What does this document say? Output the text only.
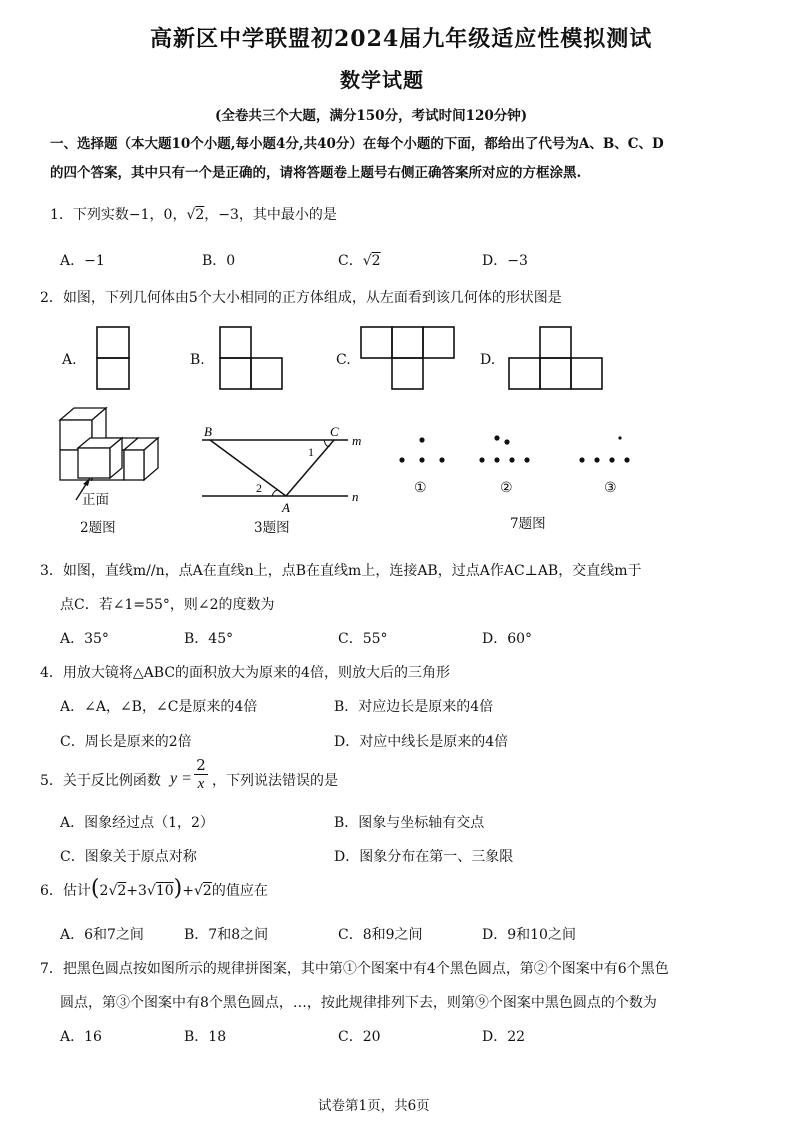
高新区中学联盟初2024届九年级适应性模拟测试
数学试题
(全卷共三个大题，满分150分，考试时间120分钟)
一、选择题（本大题10个小题,每小题4分,共40分）在每个小题的下面，都给出了代号为A、B、C、D
的四个答案，其中只有一个是正确的，请将答题卷上题号右侧正确答案所对应的方框涂黑.
1．下列实数−1，0，√2，−3，其中最小的是
A．−1	B．0	C．√2	D．−3
2．如图，下列几何体由5个大小相同的正方体组成，从左面看到该几何体的形状图是
A.	B.	C.	D.
正面
2题图
B	C
m
1
2
A
n
3题图
①	②	③
7题图
3．如图，直线m//n，点A在直线n上，点B在直线m上，连接AB，过点A作AC⊥AB，交直线m于
点C．若∠1=55°，则∠2的度数为
A．35°	B．45°	C．55°	D．60°
4．用放大镜将△ABC的面积放大为原来的4倍，则放大后的三角形
A．∠A，∠B，∠C是原来的4倍	B．对应边长是原来的4倍
C．周长是原来的2倍	D．对应中线长是原来的4倍
5．关于反比例函数 $y = \frac{2}{x}$ ，下列说法错误的是
A．图象经过点（1，2）	B．图象与坐标轴有交点
C．图象关于原点对称	D．图象分布在第一、三象限
6．估计(2√2+3√10)+√2的值应在
A．6和7之间	B．7和8之间	C．8和9之间	D．9和10之间
7．把黑色圆点按如图所示的规律拼图案，其中第①个图案中有4个黑色圆点，第②个图案中有6个黑色
圆点，第③个图案中有8个黑色圆点，…，按此规律排列下去，则第⑨个图案中黑色圆点的个数为
A．16	B．18	C．20	D．22
试卷第1页，共6页
